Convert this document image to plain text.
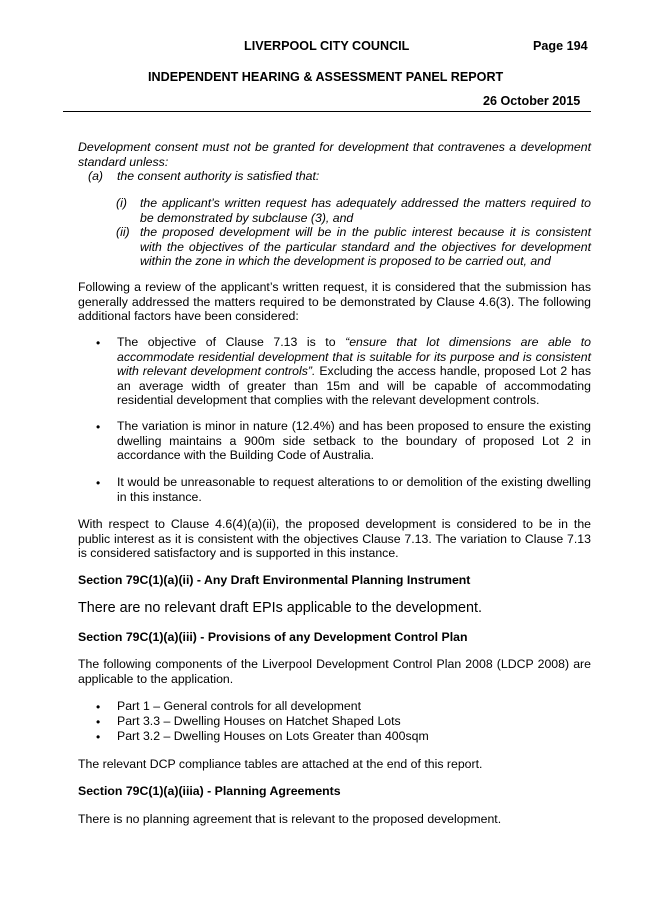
LIVERPOOL CITY COUNCIL	Page 194
INDEPENDENT HEARING & ASSESSMENT PANEL REPORT
26 October 2015
Development consent must not be granted for development that contravenes a development standard unless:
(a) the consent authority is satisfied that:
(i) the applicant’s written request has adequately addressed the matters required to be demonstrated by subclause (3), and
(ii) the proposed development will be in the public interest because it is consistent with the objectives of the particular standard and the objectives for development within the zone in which the development is proposed to be carried out, and
Following a review of the applicant’s written request, it is considered that the submission has generally addressed the matters required to be demonstrated by Clause 4.6(3). The following additional factors have been considered:
• The objective of Clause 7.13 is to “ensure that lot dimensions are able to accommodate residential development that is suitable for its purpose and is consistent with relevant development controls”. Excluding the access handle, proposed Lot 2 has an average width of greater than 15m and will be capable of accommodating residential development that complies with the relevant development controls.
• The variation is minor in nature (12.4%) and has been proposed to ensure the existing dwelling maintains a 900m side setback to the boundary of proposed Lot 2 in accordance with the Building Code of Australia.
• It would be unreasonable to request alterations to or demolition of the existing dwelling in this instance.
With respect to Clause 4.6(4)(a)(ii), the proposed development is considered to be in the public interest as it is consistent with the objectives Clause 7.13. The variation to Clause 7.13 is considered satisfactory and is supported in this instance.
Section 79C(1)(a)(ii) - Any Draft Environmental Planning Instrument
There are no relevant draft EPIs applicable to the development.
Section 79C(1)(a)(iii) - Provisions of any Development Control Plan
The following components of the Liverpool Development Control Plan 2008 (LDCP 2008) are applicable to the application.
• Part 1 – General controls for all development
• Part 3.3 – Dwelling Houses on Hatchet Shaped Lots
• Part 3.2 – Dwelling Houses on Lots Greater than 400sqm
The relevant DCP compliance tables are attached at the end of this report.
Section 79C(1)(a)(iiia) - Planning Agreements
There is no planning agreement that is relevant to the proposed development.
